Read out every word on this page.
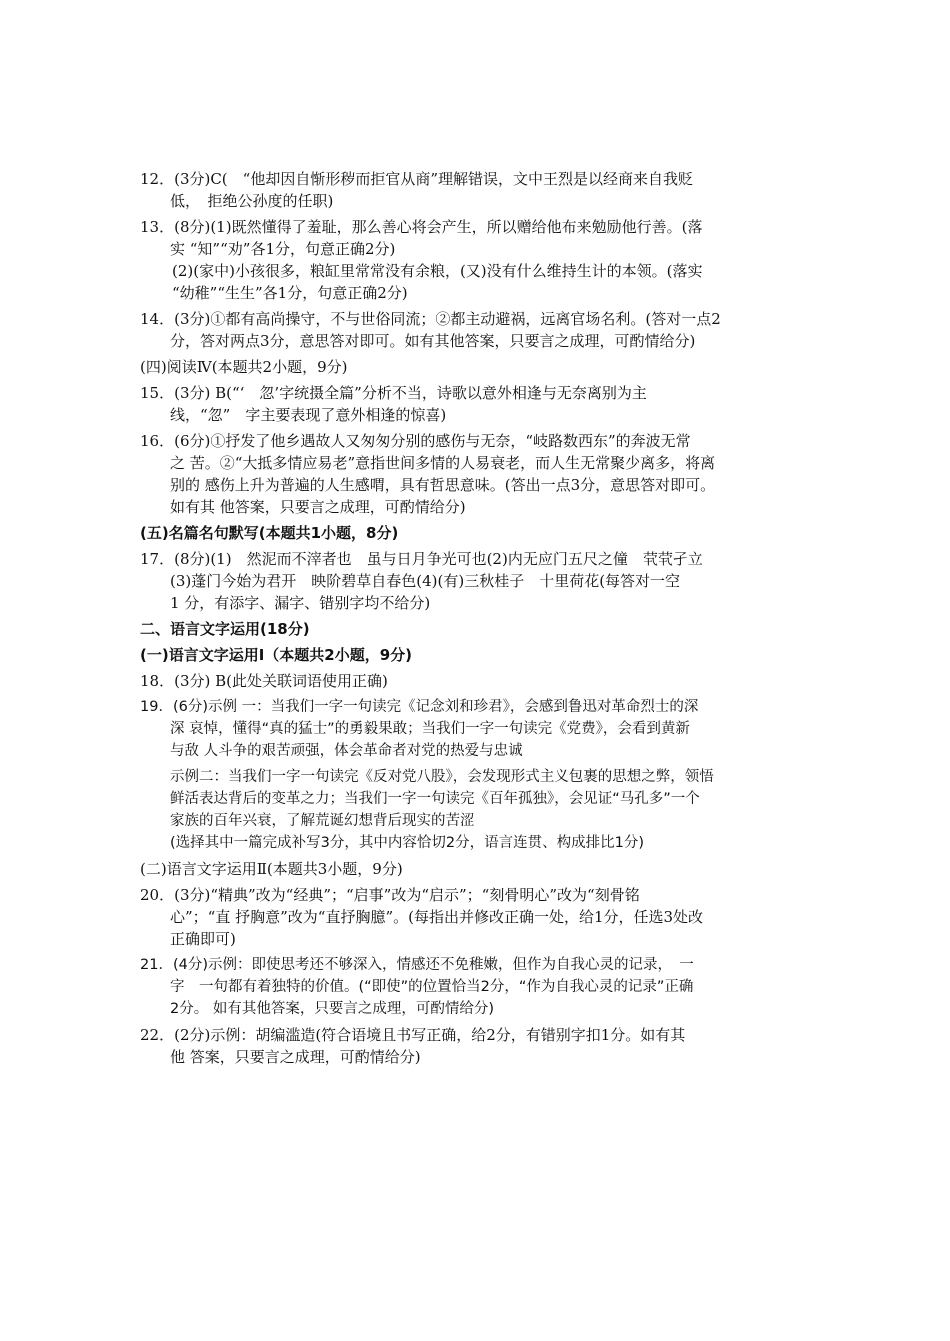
12．(3分)C(　“他却因自惭形秽而拒官从商”理解错误，文中王烈是以经商来自我贬
低，　拒绝公孙度的任职)
13．(8分)(1)既然懂得了羞耻，那么善心将会产生，所以赠给他布来勉励他行善。(落
实 “知”“劝”各1分，句意正确2分)
(2)(家中)小孩很多，粮缸里常常没有余粮，(又)没有什么维持生计的本领。(落实
“幼稚”“生生”各1分，句意正确2分)
14．(3分)①都有高尚操守，不与世俗同流；②都主动避祸，远离官场名利。(答对一点2
分，答对两点3分，意思答对即可。如有其他答案，只要言之成理，可酌情给分)
(四)阅读Ⅳ(本题共2小题，9分)
15．(3分) B(“‘　忽’字统摄全篇”分析不当，诗歌以意外相逢与无奈离别为主
线，“忽”　字主要表现了意外相逢的惊喜)
16．(6分)①抒发了他乡遇故人又匆匆分别的感伤与无奈，“岐路数西东”的奔波无常
之 苦。②“大抵多情应易老”意指世间多情的人易衰老，而人生无常聚少离多，将离
别的 感伤上升为普遍的人生感喟，具有哲思意味。(答出一点3分，意思答对即可。
如有其 他答案，只要言之成理，可酌情给分)
(五)名篇名句默写(本题共1小题，8分)
17．(8分)(1)　然泥而不滓者也　虽与日月争光可也(2)内无应门五尺之僮　茕茕孑立
(3)蓬门今始为君开　映阶碧草自春色(4)(有)三秋桂子　十里荷花(每答对一空
1 分，有添字、漏字、错别字均不给分)
二、语言文字运用(18分)
(一)语言文字运用Ⅰ（本题共2小题，9分)
18．(3分) B(此处关联词语使用正确)
19．(6分)示例 一：当我们一字一句读完《记念刘和珍君》，会感到鲁迅对革命烈士的深
深 哀悼，懂得“真的猛士”的勇毅果敢；当我们一字一句读完《党费》，会看到黄新
与敌 人斗争的艰苦顽强，体会革命者对党的热爱与忠诚
示例二：当我们一字一句读完《反对党八股》，会发现形式主义包裹的思想之弊，领悟
鲜活表达背后的变革之力；当我们一字一句读完《百年孤独》，会见证“马孔多”一个
家族的百年兴衰，了解荒诞幻想背后现实的苦涩
(选择其中一篇完成补写3分，其中内容恰切2分，语言连贯、构成排比1分)
(二)语言文字运用Ⅱ(本题共3小题，9分)
20．(3分)“精典”改为“经典”；“启事”改为“启示”；“刻骨明心”改为“刻骨铭
心”；“直 抒胸意”改为“直抒胸臆”。(每指出并修改正确一处，给1分，任选3处改
正确即可)
21．(4分)示例：即使思考还不够深入，情感还不免稚嫩，但作为自我心灵的记录，　一
字　一句都有着独特的价值。(“即使”的位置恰当2分，“作为自我心灵的记录”正确
2分。 如有其他答案，只要言之成理，可酌情给分)
22．(2分)示例：胡编滥造(符合语境且书写正确，给2分，有错别字扣1分。如有其
他 答案，只要言之成理，可酌情给分)
